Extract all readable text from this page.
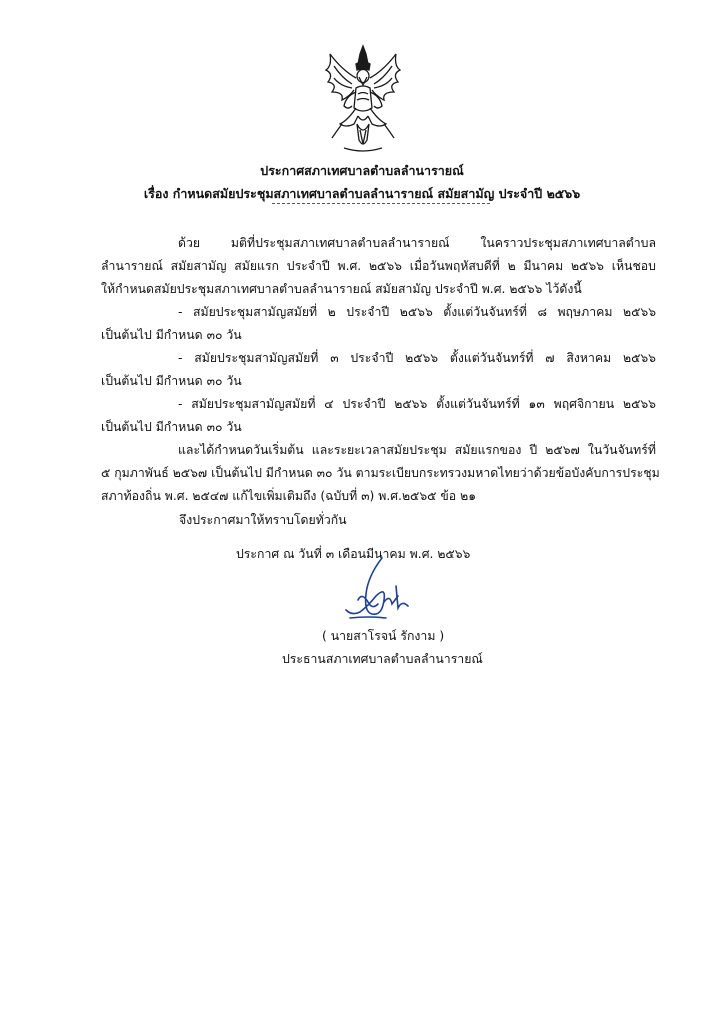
ประกาศสภาเทศบาลตำบลลำนารายณ์
เรื่อง กำหนดสมัยประชุมสภาเทศบาลตำบลลำนารายณ์ สมัยสามัญ ประจำปี ๒๕๖๖
ด้วย มติที่ประชุมสภาเทศบาลตำบลลำนารายณ์ ในคราวประชุมสภาเทศบาลตำบล
ลำนารายณ์ สมัยสามัญ สมัยแรก ประจำปี พ.ศ. ๒๕๖๖ เมื่อวันพฤหัสบดีที่ ๒ มีนาคม ๒๕๖๖ เห็นชอบ
ให้กำหนดสมัยประชุมสภาเทศบาลตำบลลำนารายณ์ สมัยสามัญ ประจำปี พ.ศ. ๒๕๖๖ ไว้ดังนี้
- สมัยประชุมสามัญสมัยที่ ๒ ประจำปี ๒๕๖๖ ตั้งแต่วันจันทร์ที่ ๘ พฤษภาคม ๒๕๖๖
เป็นต้นไป มีกำหนด ๓๐ วัน
- สมัยประชุมสามัญสมัยที่ ๓ ประจำปี ๒๕๖๖ ตั้งแต่วันจันทร์ที่ ๗ สิงหาคม ๒๕๖๖
เป็นต้นไป มีกำหนด ๓๐ วัน
- สมัยประชุมสามัญสมัยที่ ๔ ประจำปี ๒๕๖๖ ตั้งแต่วันจันทร์ที่ ๑๓ พฤศจิกายน ๒๕๖๖
เป็นต้นไป มีกำหนด ๓๐ วัน
และได้กำหนดวันเริ่มต้น และระยะเวลาสมัยประชุม สมัยแรกของ ปี ๒๕๖๗ ในวันจันทร์ที่
๕ กุมภาพันธ์ ๒๕๖๗ เป็นต้นไป มีกำหนด ๓๐ วัน ตามระเบียบกระทรวงมหาดไทยว่าด้วยข้อบังคับการประชุม
สภาท้องถิ่น พ.ศ. ๒๕๔๗ แก้ไขเพิ่มเติมถึง (ฉบับที่ ๓) พ.ศ.๒๕๖๕ ข้อ ๒๑
จึงประกาศมาให้ทราบโดยทั่วกัน
ประกาศ ณ วันที่ ๓ เดือนมีนาคม พ.ศ. ๒๕๖๖
( นายสาโรจน์ รักงาม )
ประธานสภาเทศบาลตำบลลำนารายณ์
